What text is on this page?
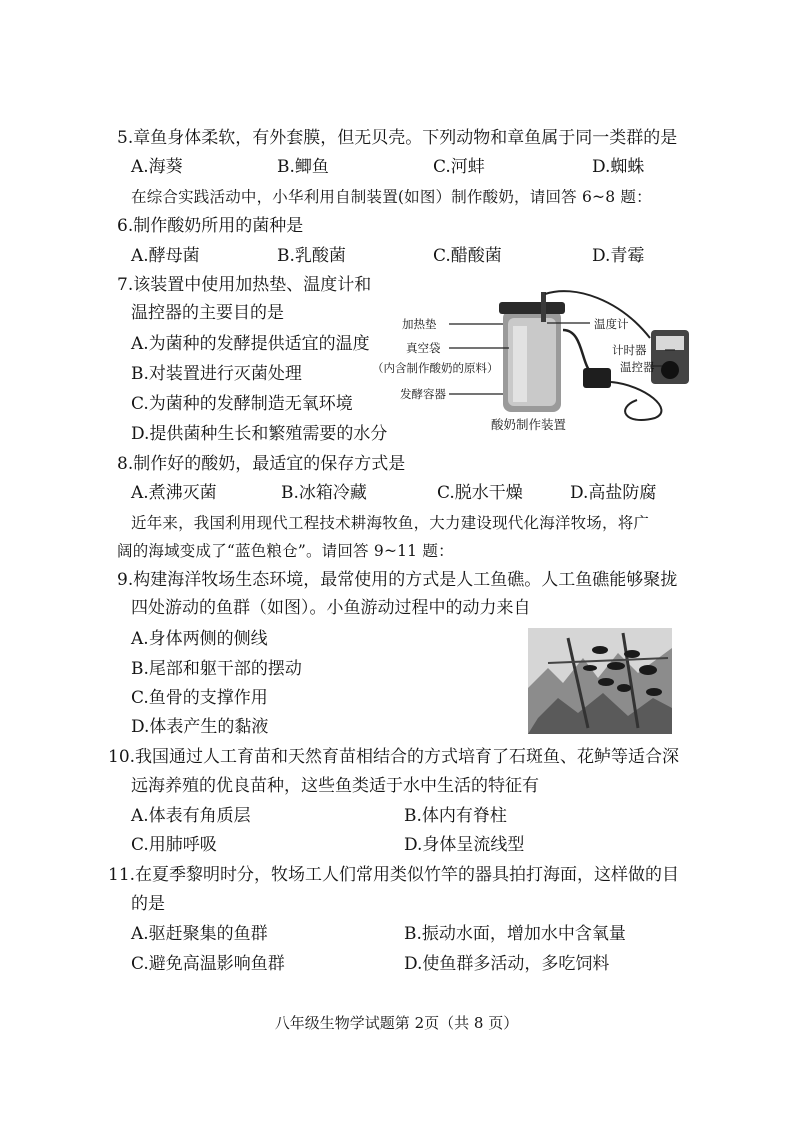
5.章鱼身体柔软，有外套膜，但无贝壳。下列动物和章鱼属于同一类群的是
A.海葵	B.鲫鱼	C.河蚌	D.蜘蛛
在综合实践活动中，小华利用自制装置(如图）制作酸奶，请回答 6~8 题：
6.制作酸奶所用的菌种是
A.酵母菌	B.乳酸菌	C.醋酸菌	D.青霉
7.该装置中使用加热垫、温度计和
温控器的主要目的是
A.为菌种的发酵提供适宜的温度
B.对装置进行灭菌处理
C.为菌种的发酵制造无氧环境
D.提供菌种生长和繁殖需要的水分
加热垫
真空袋
（内含制作酸奶的原料）
发酵容器
温度计
计时器
温控器
酸奶制作装置
8.制作好的酸奶，最适宜的保存方式是
A.煮沸灭菌	B.冰箱冷藏	C.脱水干燥	D.高盐防腐
近年来，我国利用现代工程技术耕海牧鱼，大力建设现代化海洋牧场，将广
阔的海域变成了“蓝色粮仓”。请回答 9~11 题：
9.构建海洋牧场生态环境，最常使用的方式是人工鱼礁。人工鱼礁能够聚拢
四处游动的鱼群（如图）。小鱼游动过程中的动力来自
A.身体两侧的侧线
B.尾部和躯干部的摆动
C.鱼骨的支撑作用
D.体表产生的黏液
10.我国通过人工育苗和天然育苗相结合的方式培育了石斑鱼、花鲈等适合深
远海养殖的优良苗种，这些鱼类适于水中生活的特征有
A.体表有角质层	B.体内有脊柱
C.用肺呼吸	D.身体呈流线型
11.在夏季黎明时分，牧场工人们常用类似竹竿的器具拍打海面，这样做的目
的是
A.驱赶聚集的鱼群	B.振动水面，增加水中含氧量
C.避免高温影响鱼群	D.使鱼群多活动，多吃饲料
八年级生物学试题第 2页（共 8 页）
